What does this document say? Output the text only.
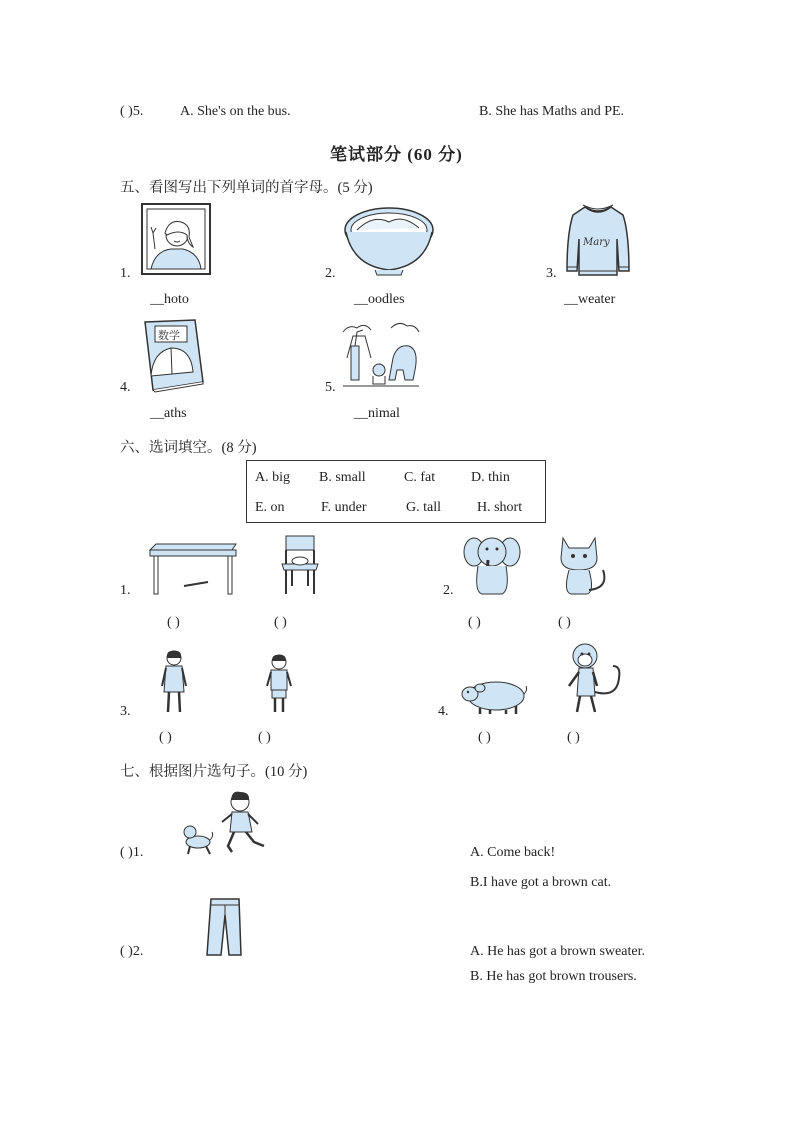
( )5.	A. She's on the bus.	B. She has Maths and PE.
笔试部分 (60 分)
五、看图写出下列单词的首字母。(5 分)
1.
__hoto
2.
__oodles
3.
Mary
__weater
4.
数学
__aths
5.
__nimal
六、选词填空。(8 分)
A. big B. small	C. fat	D. thin
E. on	F. under	G. tall	H. short
1.
( )	( )
2.
( )	( )
3.
( )	( )
4.
( )	( )
七、根据图片选句子。(10 分)
( )1.	A. Come back!
B.I have got a brown cat.
( )2.	A. He has got a brown sweater.
B. He has got brown trousers.
